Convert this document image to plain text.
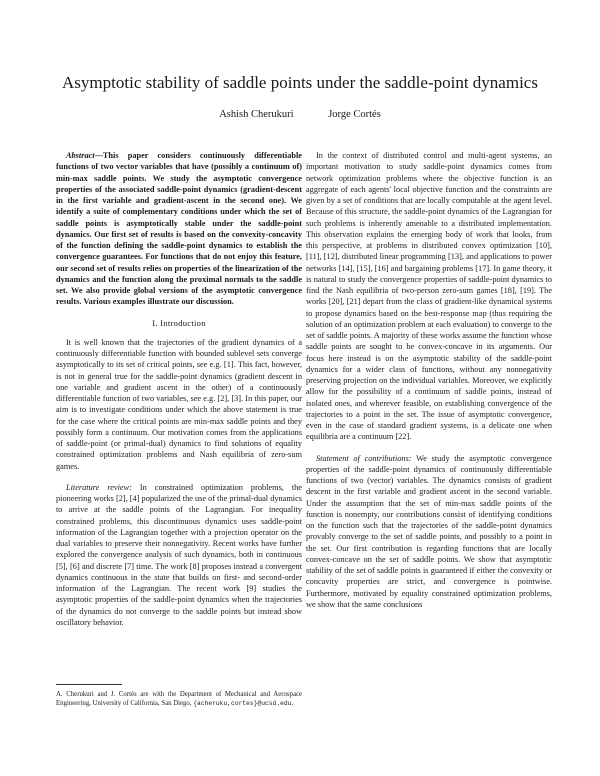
Asymptotic stability of saddle points under the saddle-point dynamics
Ashish Cherukuri	Jorge Cortés

Abstract—This paper considers continuously differentiable functions of two vector variables that have (possibly a continuum of) min-max saddle points. We study the asymptotic convergence properties of the associated saddle-point dynamics (gradient-descent in the first variable and gradient-ascent in the second one). We identify a suite of complementary conditions under which the set of saddle points is asymptotically stable under the saddle-point dynamics. Our first set of results is based on the convexity-concavity of the function defining the saddle-point dynamics to establish the convergence guarantees. For functions that do not enjoy this feature, our second set of results relies on properties of the linearization of the dynamics and the function along the proximal normals to the saddle set. We also provide global versions of the asymptotic convergence results. Various examples illustrate our discussion.

I. Introduction

It is well known that the trajectories of the gradient dynamics of a continuously differentiable function with bounded sublevel sets converge asymptotically to its set of critical points, see e.g. [1]. This fact, however, is not in general true for the saddle-point dynamics (gradient descent in one variable and gradient ascent in the other) of a continuously differentiable function of two variables, see e.g. [2], [3]. In this paper, our aim is to investigate conditions under which the above statement is true for the case where the critical points are min-max saddle points and they possibly form a continuum. Our motivation comes from the applications of saddle-point (or primal-dual) dynamics to find solutions of equality constrained optimization problems and Nash equilibria of zero-sum games.

Literature review: In constrained optimization problems, the pioneering works [2], [4] popularized the use of the primal-dual dynamics to arrive at the saddle points of the Lagrangian. For inequality constrained problems, this discontinuous dynamics uses saddle-point information of the Lagrangian together with a projection operator on the dual variables to preserve their nonnegativity. Recent works have further explored the convergence analysis of such dynamics, both in continuous [5], [6] and discrete [7] time. The work [8] proposes instead a convergent dynamics continuous in the state that builds on first- and second-order information of the Lagrangian. The recent work [9] studies the asymptotic properties of the saddle-point dynamics when the trajectories of the dynamics do not converge to the saddle points but instead show oscillatory behavior.

A. Cherukuri and J. Cortés are with the Department of Mechanical and Aerospace Engineering, University of California, San Diego, {acheruku,cortes}@ucsd.edu.

In the context of distributed control and multi-agent systems, an important motivation to study saddle-point dynamics comes from network optimization problems where the objective function is an aggregate of each agents' local objective function and the constraints are given by a set of conditions that are locally computable at the agent level. Because of this structure, the saddle-point dynamics of the Lagrangian for such problems is inherently amenable to a distributed implementation. This observation explains the emerging body of work that looks, from this perspective, at problems in distributed convex optimization [10], [11], [12], distributed linear programming [13], and applications to power networks [14], [15], [16] and bargaining problems [17]. In game theory, it is natural to study the convergence properties of saddle-point dynamics to find the Nash equilibria of two-person zero-sum games [18], [19]. The works [20], [21] depart from the class of gradient-like dynamical systems to propose dynamics based on the best-response map (thus requiring the solution of an optimization problem at each evaluation) to converge to the set of saddle points. A majority of these works assume the function whose saddle points are sought to be convex-concave in its arguments. Our focus here instead is on the asymptotic stability of the saddle-point dynamics for a wider class of functions, without any nonnegativity preserving projection on the individual variables. Moreover, we explicitly allow for the possibility of a continuum of saddle points, instead of isolated ones, and wherever feasible, on establishing convergence of the trajectories to a point in the set. The issue of asymptotic convergence, even in the case of standard gradient systems, is a delicate one when equilibria are a continuum [22].

Statement of contributions: We study the asymptotic convergence properties of the saddle-point dynamics of continuously differentiable functions of two (vector) variables. The dynamics consists of gradient descent in the first variable and gradient ascent in the second variable. Under the assumption that the set of min-max saddle points of the function is nonempty, our contributions consist of identifying conditions on the function such that the trajectories of the saddle-point dynamics provably converge to the set of saddle points, and possibly to a point in the set. Our first contribution is regarding functions that are locally convex-concave on the set of saddle points. We show that asymptotic stability of the set of saddle points is guaranteed if either the convexity or concavity properties are strict, and convergence is pointwise. Furthermore, motivated by equality constrained optimization problems, we show that the same conclusions
